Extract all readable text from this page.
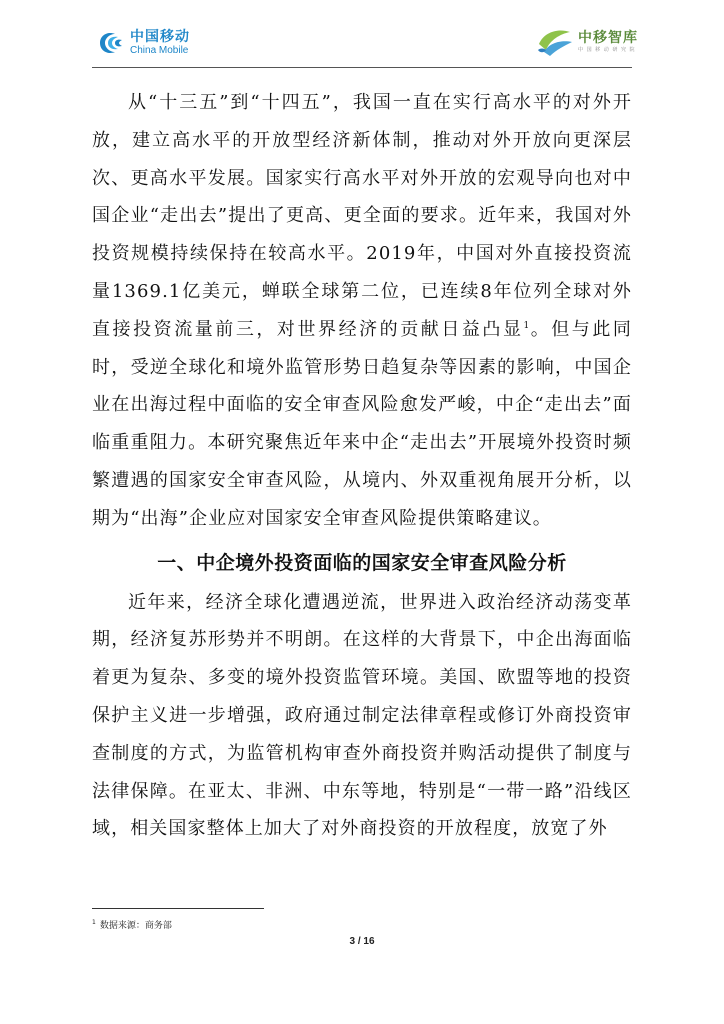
中国移动
China Mobile
中移智库
中 国 移 动 研 究 院

从“十三五”到“十四五”，我国一直在实行高水平的对外开放，建立高水平的开放型经济新体制，推动对外开放向更深层次、更高水平发展。国家实行高水平对外开放的宏观导向也对中国企业“走出去”提出了更高、更全面的要求。近年来，我国对外投资规模持续保持在较高水平。2019年，中国对外直接投资流量1369.1亿美元，蝉联全球第二位，已连续8年位列全球对外直接投资流量前三，对世界经济的贡献日益凸显$^1$。但与此同时，受逆全球化和境外监管形势日趋复杂等因素的影响，中国企业在出海过程中面临的安全审查风险愈发严峻，中企“走出去”面临重重阻力。本研究聚焦近年来中企“走出去”开展境外投资时频繁遭遇的国家安全审查风险，从境内、外双重视角展开分析，以期为“出海”企业应对国家安全审查风险提供策略建议。

一、中企境外投资面临的国家安全审查风险分析

近年来，经济全球化遭遇逆流，世界进入政治经济动荡变革期，经济复苏形势并不明朗。在这样的大背景下，中企出海面临着更为复杂、多变的境外投资监管环境。美国、欧盟等地的投资保护主义进一步增强，政府通过制定法律章程或修订外商投资审查制度的方式，为监管机构审查外商投资并购活动提供了制度与法律保障。在亚太、非洲、中东等地，特别是“一带一路”沿线区域，相关国家整体上加大了对外商投资的开放程度，放宽了外

$^1$ 数据来源：商务部
3 / 16
